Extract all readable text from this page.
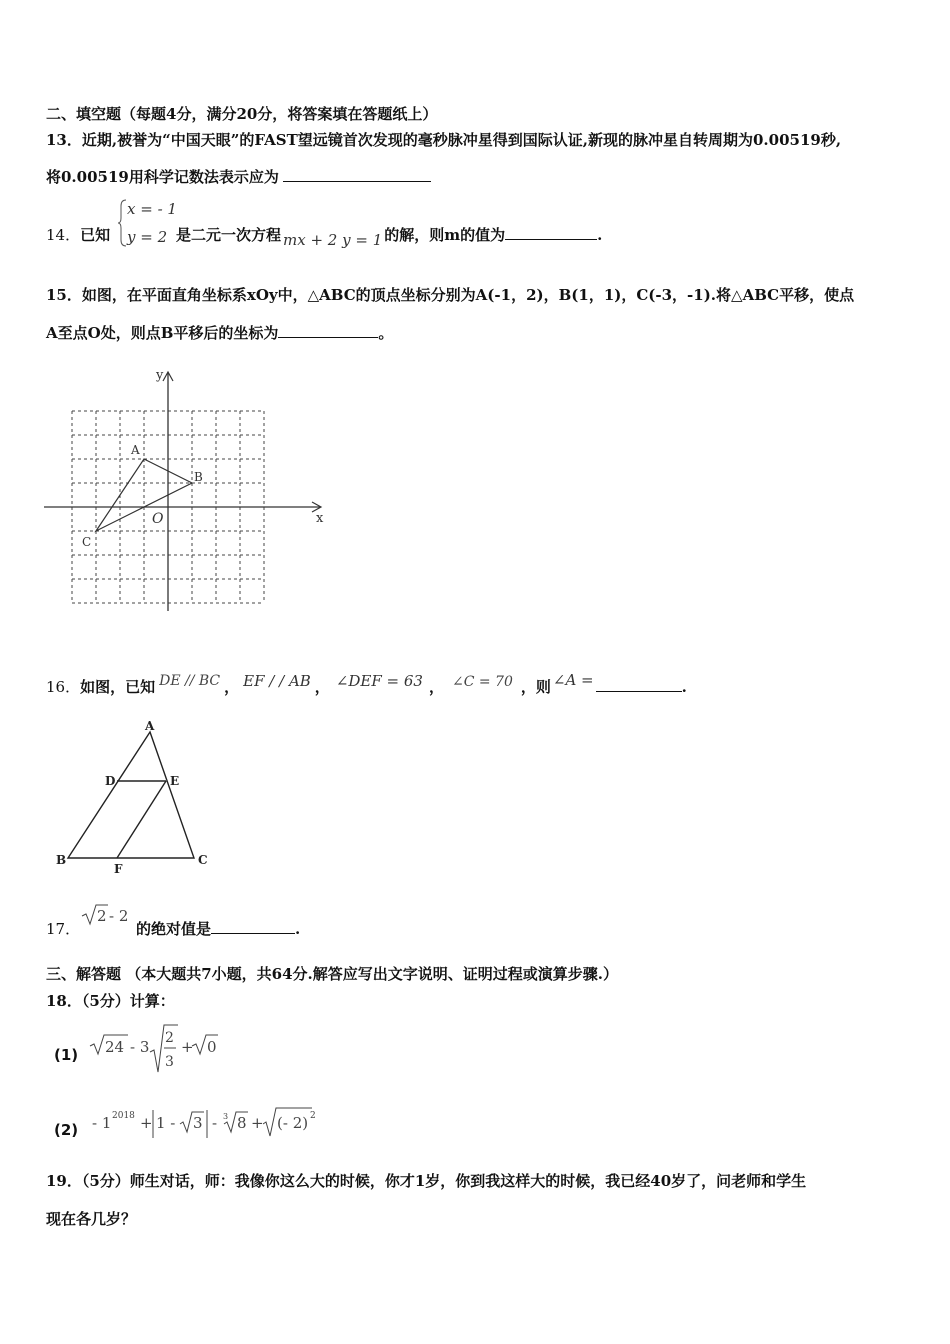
二、填空题（每题4分，满分20分，将答案填在答题纸上）
13．近期,被誉为“中国天眼”的FAST望远镜首次发现的毫秒脉冲星得到国际认证,新现的脉冲星自转周期为0.00519秒,
将0.00519用科学记数法表示应为
14．已知
x = - 1
y = 2 是二元一次方程 mx + 2 y = 1 的解，则m的值为	.
15．如图，在平面直角坐标系xOy中，△ABC的顶点坐标分别为A(-1，2)，B(1，1)，C(-3，-1).将△ABC平移，使点
A至点O处，则点B平移后的坐标为	。
x
y
O
A
B
C
16．如图，已知 DE // BC ， EF / / AB ， ∠DEF = 63 ， ∠C = 70 ，则 ∠A =	.
A
D	E
B
F
C
17．
2 - 2
的绝对值是	.
三、解答题 （本大题共7小题，共64分.解答应写出文字说明、证明过程或演算步骤.）
18．（5分）计算：
(1) 24 - 3 2
3
+ 0
(2) - 1 2018 + 1 - 3 - 3 8 + (- 2) 2
19．（5分）师生对话，师：我像你这么大的时候，你才1岁，你到我这样大的时候，我已经40岁了，问老师和学生
现在各几岁？
